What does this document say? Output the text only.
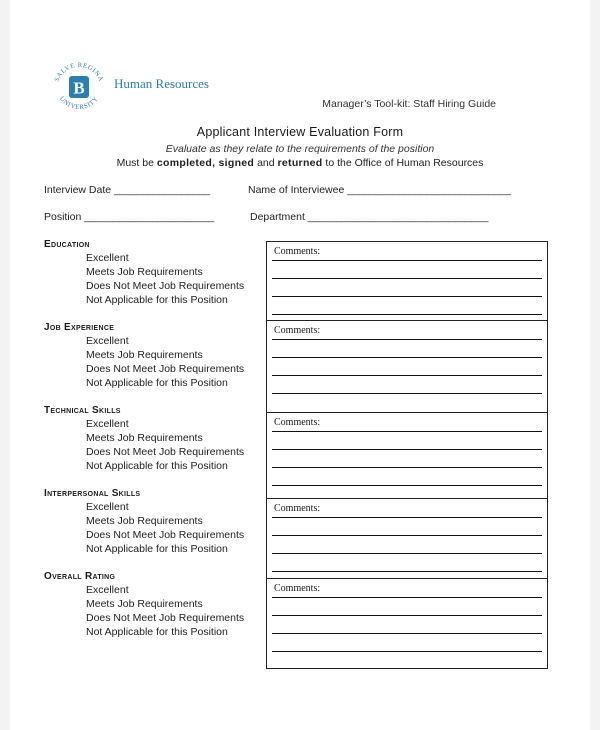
SALVE REGINA
UNIVERSITY
B Human Resources
Manager’s Tool-kit: Staff Hiring Guide
Applicant Interview Evaluation Form
Evaluate as they relate to the requirements of the position
Must be completed, signed and returned to the Office of Human Resources
Interview Date _________________	Name of Interviewee _____________________________
Position _______________________	Department ________________________________
Education
Excellent
Meets Job Requirements
Does Not Meet Job Requirements
Not Applicable for this Position
Job Experience
Excellent
Meets Job Requirements
Does Not Meet Job Requirements
Not Applicable for this Position
Technical Skills
Excellent
Meets Job Requirements
Does Not Meet Job Requirements
Not Applicable for this Position
Interpersonal Skills
Excellent
Meets Job Requirements
Does Not Meet Job Requirements
Not Applicable for this Position
Overall Rating
Excellent
Meets Job Requirements
Does Not Meet Job Requirements
Not Applicable for this Position
Comments:
Comments:
Comments:
Comments:
Comments:
